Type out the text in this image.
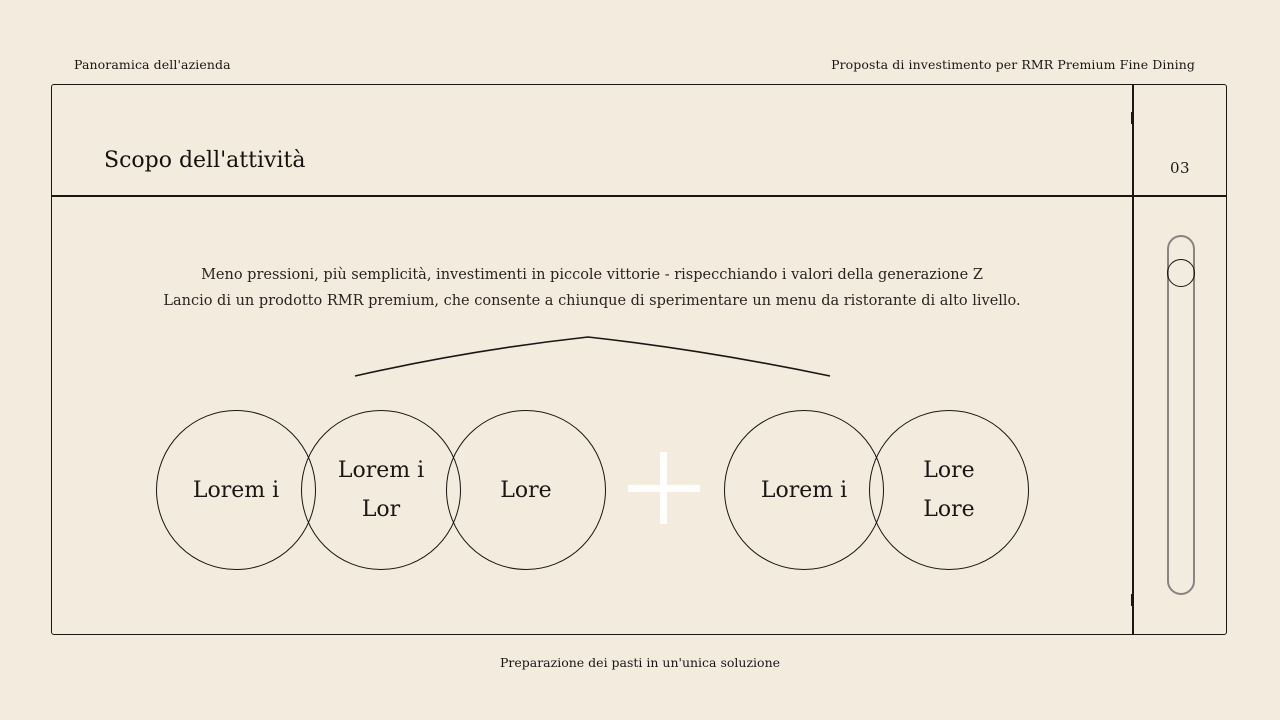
Panoramica dell'azienda	Proposta di investimento per RMR Premium Fine Dining
Scopo dell'attività	03
Meno pressioni, più semplicità, investimenti in piccole vittorie - rispecchiando i valori della generazione Z
Lancio di un prodotto RMR premium, che consente a chiunque di sperimentare un menu da ristorante di alto livello.
Lorem i
Lorem i
Lor
Lore	Lorem i
Lore
Lore
Preparazione dei pasti in un'unica soluzione
